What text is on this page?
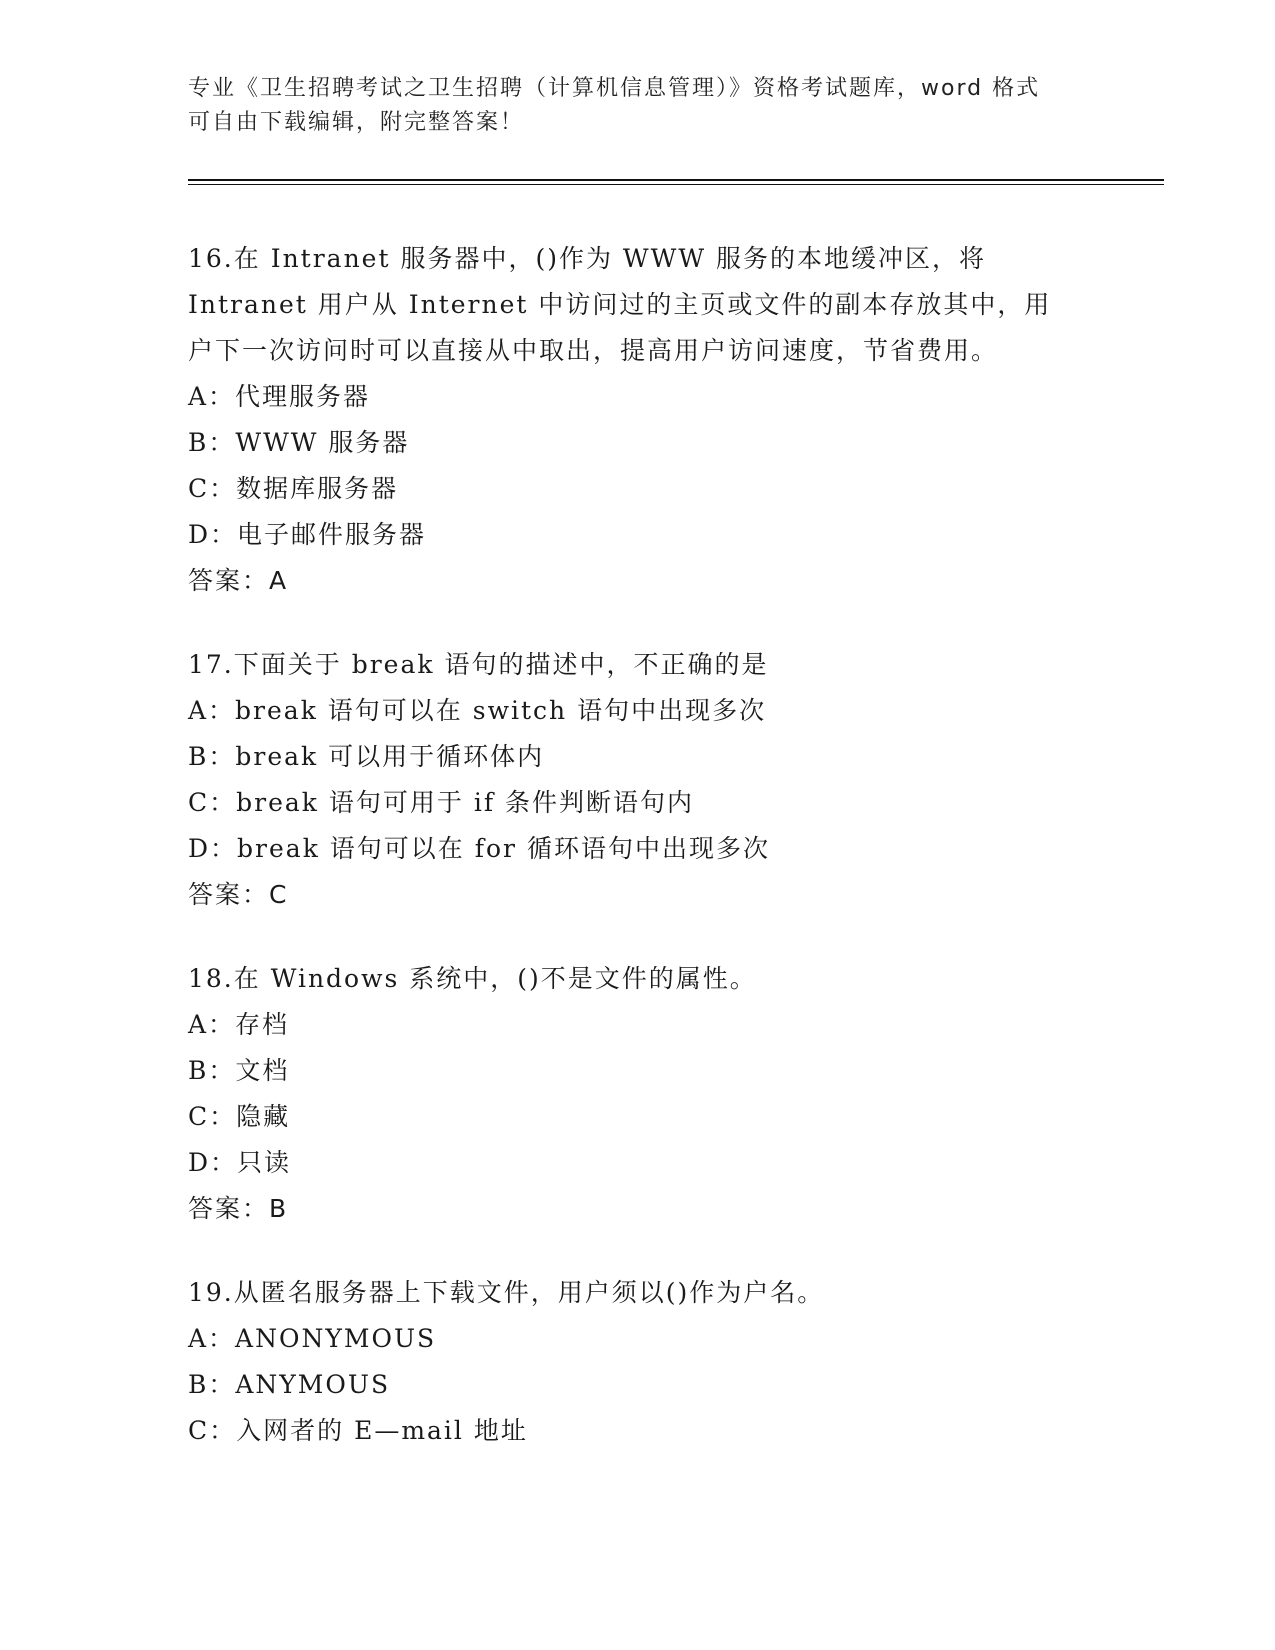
专业《卫生招聘考试之卫生招聘（计算机信息管理）》资格考试题库，word 格式
可自由下载编辑，附完整答案！
16.在 Intranet 服务器中，()作为 WWW 服务的本地缓冲区，将
Intranet 用户从 Internet 中访问过的主页或文件的副本存放其中，用
户下一次访问时可以直接从中取出，提高用户访问速度，节省费用。
A：代理服务器
B：WWW 服务器
C：数据库服务器
D：电子邮件服务器
答案：A
17.下面关于 break 语句的描述中，不正确的是
A：break 语句可以在 switch 语句中出现多次
B：break 可以用于循环体内
C：break 语句可用于 if 条件判断语句内
D：break 语句可以在 for 循环语句中出现多次
答案：C
18.在 Windows 系统中，()不是文件的属性。
A：存档
B：文档
C：隐藏
D：只读
答案：B
19.从匿名服务器上下载文件，用户须以()作为户名。
A：ANONYMOUS
B：ANYMOUS
C：入网者的 E—mail 地址
